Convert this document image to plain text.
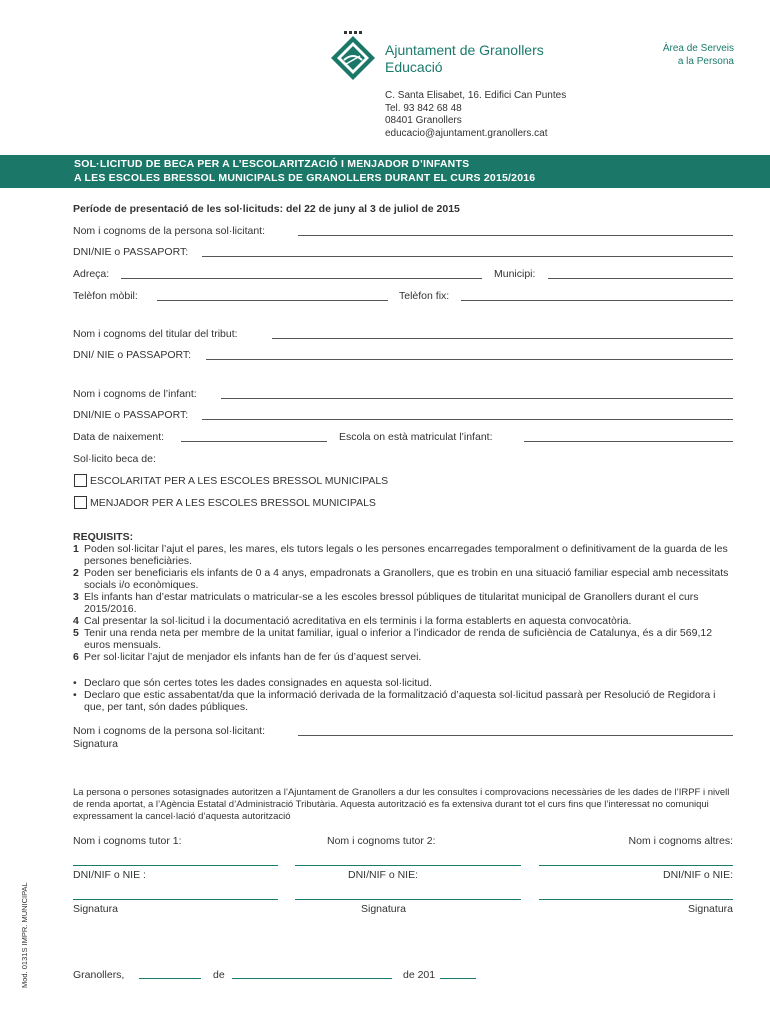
Ajuntament de Granollers
Educació
Àrea de Serveis
a la Persona
C. Santa Elisabet, 16. Edifici Can Puntes
Tel. 93 842 68 48
08401 Granollers
educacio@ajuntament.granollers.cat
SOL·LICITUD DE BECA PER A L’ESCOLARITZACIÓ I MENJADOR D’INFANTS
A LES ESCOLES BRESSOL MUNICIPALS DE GRANOLLERS DURANT EL CURS 2015/2016
Període de presentació de les sol·licituds: del 22 de juny al 3 de juliol de 2015
Nom i cognoms de la persona sol·licitant:
DNI/NIE o PASSAPORT:
Adreça:	Municipi:
Telèfon mòbil:	Telèfon fix:
Nom i cognoms del titular del tribut:
DNI/ NIE o PASSAPORT:
Nom i cognoms de l’infant:
DNI/NIE o PASSAPORT:
Data de naixement:	Escola on està matriculat l’infant:
Sol·licito beca de:
ESCOLARITAT PER A LES ESCOLES BRESSOL MUNICIPALS
MENJADOR PER A LES ESCOLES BRESSOL MUNICIPALS
REQUISITS:
1 Poden sol·licitar l’ajut el pares, les mares, els tutors legals o les persones encarregades temporalment o definitivament de la guarda de les persones beneficiàries.
2 Poden ser beneficiaris els infants de 0 a 4 anys, empadronats a Granollers, que es trobin en una situació familiar especial amb necessitats socials i/o econòmiques.
3 Els infants han d’estar matriculats o matricular-se a les escoles bressol públiques de titularitat municipal de Granollers durant el curs 2015/2016.
4 Cal presentar la sol·licitud i la documentació acreditativa en els terminis i la forma establerts en aquesta convocatòria.
5 Tenir una renda neta per membre de la unitat familiar, igual o inferior a l’indicador de renda de suficiència de Catalunya, és a dir 569,12 euros mensuals.
6 Per sol·licitar l’ajut de menjador els infants han de fer ús d’aquest servei.
• Declaro que són certes totes les dades consignades en aquesta sol·licitud.
• Declaro que estic assabentat/da que la informació derivada de la formalització d’aquesta sol·licitud passarà per Resolució de Regidora i que, per tant, són dades públiques.
Nom i cognoms de la persona sol·licitant:
Signatura
La persona o persones sotasignades autoritzen a l’Ajuntament de Granollers a dur les consultes i comprovacions necessàries de les dades de l’IRPF i nivell de renda aportat, a l’Agència Estatal d’Administració Tributària. Aquesta autorització es fa extensiva durant tot el curs fins que l’interessat no comuniqui expressament la cancel·lació d’aquesta autorització
Nom i cognoms tutor 1:	Nom i cognoms tutor 2:	Nom i cognoms altres:
DNI/NIF o NIE :	DNI/NIF o NIE:	DNI/NIF o NIE:
Signatura	Signatura	Signatura
Granollers,	de	de 201
Mod. 0131S IMPR. MUNICIPAL
